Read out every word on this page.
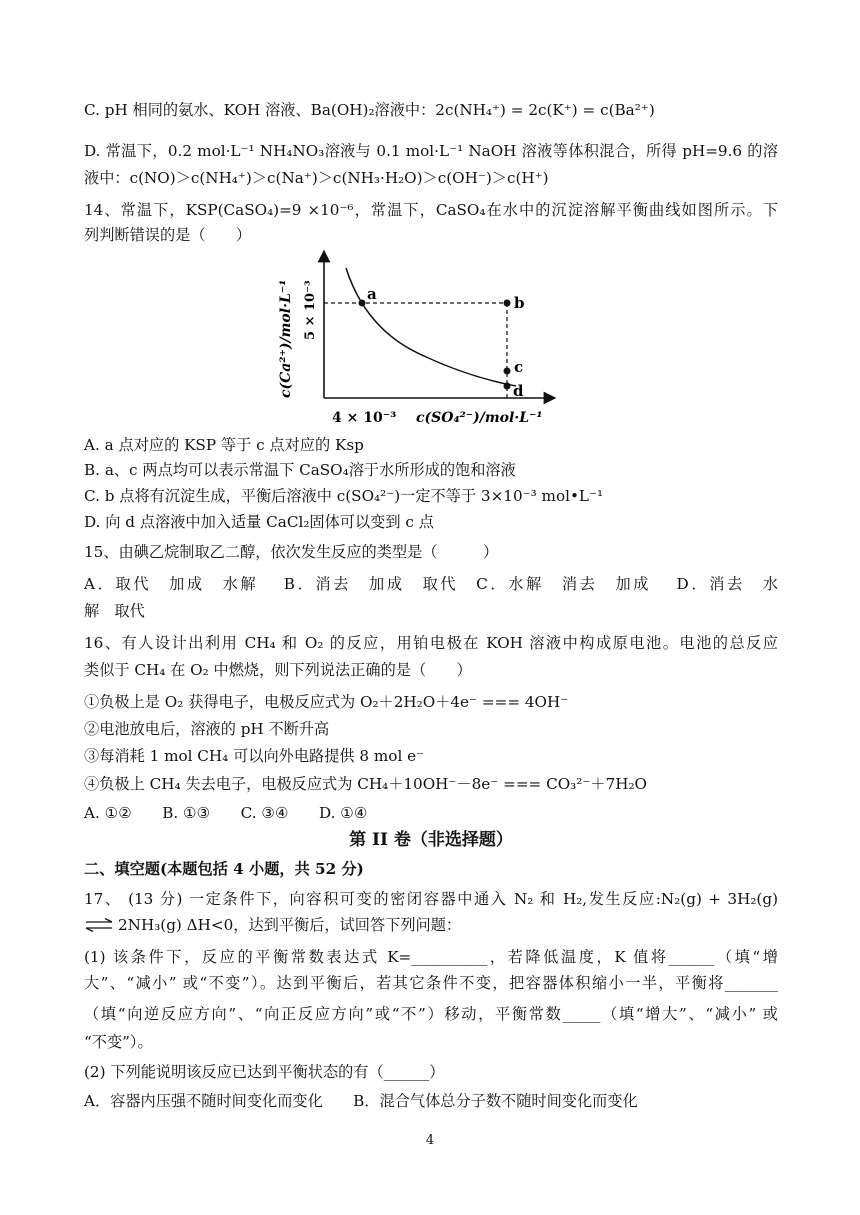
C. pH 相同的氨水、KOH 溶液、Ba(OH)₂溶液中：2c(NH₄⁺) = 2c(K⁺) = c(Ba²⁺)
D. 常温下，0.2 mol·L⁻¹ NH₄NO₃溶液与 0.1 mol·L⁻¹ NaOH 溶液等体积混合，所得 pH=9.6 的溶
液中：c(NO)＞c(NH₄⁺)＞c(Na⁺)＞c(NH₃·H₂O)＞c(OH⁻)＞c(H⁺)
14、常温下，KSP(CaSO₄)=9 ×10⁻⁶，常温下，CaSO₄在水中的沉淀溶解平衡曲线如图所示。下
列判断错误的是（　　）
a	b
c
d
c(Ca²⁺)/mol·L⁻¹ 5 × 10⁻³
4 × 10⁻³ c(SO₄²⁻)/mol·L⁻¹
A. a 点对应的 KSP 等于 c 点对应的 Ksp
B. a、c 两点均可以表示常温下 CaSO₄溶于水所形成的饱和溶液
C. b 点将有沉淀生成，平衡后溶液中 c(SO₄²⁻)一定不等于 3×10⁻³ mol•L⁻¹
D. 向 d 点溶液中加入适量 CaCl₂固体可以变到 c 点
15、由碘乙烷制取乙二醇，依次发生反应的类型是（　　　）
A．取代　加成　水解　 B．消去　加成　取代　C．水解　消去　加成　 D．消去　水
解　取代
16、有人设计出利用 CH₄ 和 O₂ 的反应，用铂电极在 KOH 溶液中构成原电池。电池的总反应
类似于 CH₄ 在 O₂ 中燃烧，则下列说法正确的是（　　）
①负极上是 O₂ 获得电子，电极反应式为 O₂＋2H₂O＋4e⁻ === 4OH⁻
②电池放电后，溶液的 pH 不断升高
③每消耗 1 mol CH₄ 可以向外电路提供 8 mol e⁻
④负极上 CH₄ 失去电子，电极反应式为 CH₄＋10OH⁻－8e⁻ === CO₃²⁻＋7H₂O
A. ①②　　B. ①③　　C. ③④　　D. ①④
第 II 卷（非选择题）
二、填空题(本题包括 4 小题，共 52 分)
17、 (13 分) 一定条件下，向容积可变的密闭容器中通入 N₂ 和 H₂,发生反应:N₂(g) + 3H₂(g)
⇌ 2NH₃(g) ΔH<0，达到平衡后，试回答下列问题：
(1) 该条件下，反应的平衡常数表达式 K=__________，若降低温度，K 值将______（填“增
大”、“减小” 或“不变”）。达到平衡后，若其它条件不变，把容器体积缩小一半，平衡将_______
（填“向逆反应方向”、“向正反应方向”或“不”）移动，平衡常数_____（填“增大”、“减小” 或
“不变”）。
(2) 下列能说明该反应已达到平衡状态的有（______）
A．容器内压强不随时间变化而变化　　B．混合气体总分子数不随时间变化而变化
4
